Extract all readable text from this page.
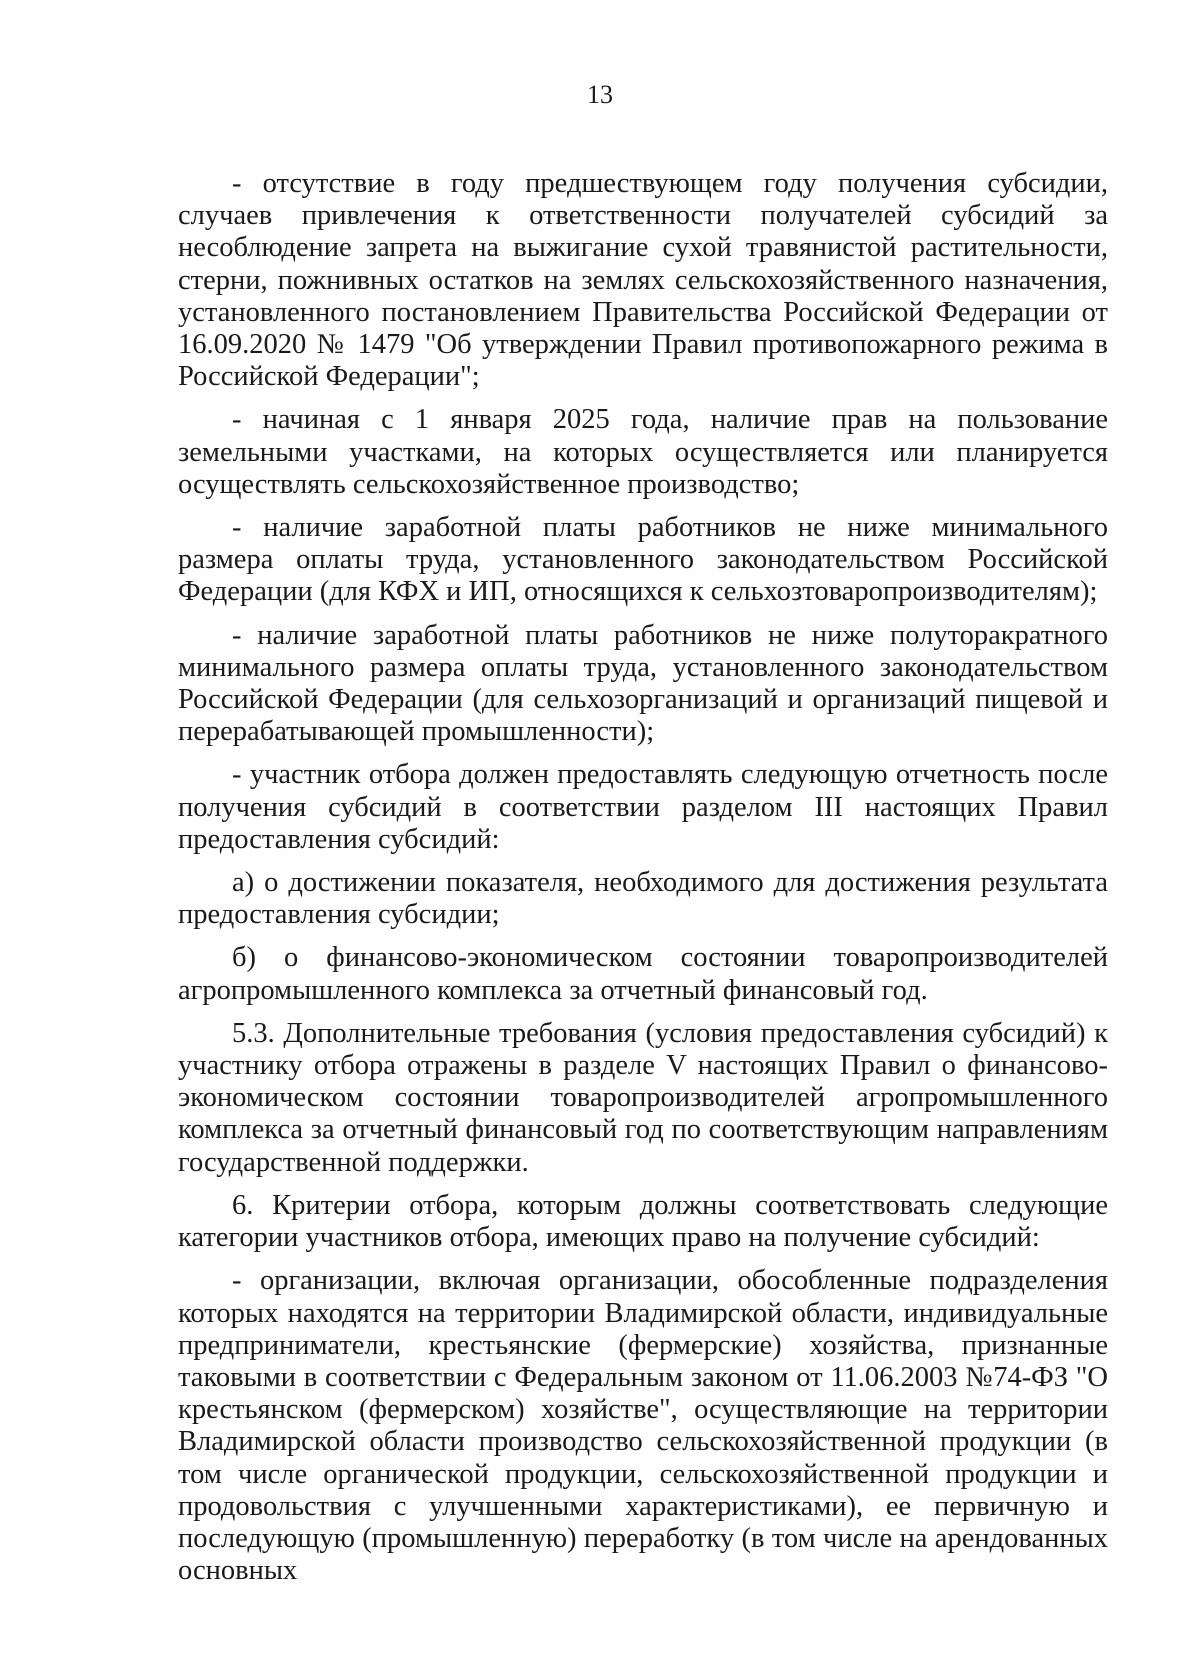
13

- отсутствие в году предшествующем году получения субсидии, случаев привлечения к ответственности получателей субсидий за несоблюдение запрета на выжигание сухой травянистой растительности, стерни, пожнивных остатков на землях сельскохозяйственного назначения, установленного постановлением Правительства Российской Федерации от 16.09.2020 № 1479 "Об утверждении Правил противопожарного режима в Российской Федерации";

- начиная с 1 января 2025 года, наличие прав на пользование земельными участками, на которых осуществляется или планируется осуществлять сельскохозяйственное производство;

- наличие заработной платы работников не ниже минимального размера оплаты труда, установленного законодательством Российской Федерации (для КФХ и ИП, относящихся к сельхозтоваропроизводителям);

- наличие заработной платы работников не ниже полуторакратного минимального размера оплаты труда, установленного законодательством Российской Федерации (для сельхозорганизаций и организаций пищевой и перерабатывающей промышленности);

- участник отбора должен предоставлять следующую отчетность после получения субсидий в соответствии разделом III настоящих Правил предоставления субсидий:

а) о достижении показателя, необходимого для достижения результата предоставления субсидии;

б) о финансово-экономическом состоянии товаропроизводителей агропромышленного комплекса за отчетный финансовый год.

5.3. Дополнительные требования (условия предоставления субсидий) к участнику отбора отражены в разделе V настоящих Правил о финансово-экономическом состоянии товаропроизводителей агропромышленного комплекса за отчетный финансовый год по соответствующим направлениям государственной поддержки.

6. Критерии отбора, которым должны соответствовать следующие категории участников отбора, имеющих право на получение субсидий:

- организации, включая организации, обособленные подразделения которых находятся на территории Владимирской области, индивидуальные предприниматели, крестьянские (фермерские) хозяйства, признанные таковыми в соответствии с Федеральным законом от 11.06.2003 №74-ФЗ "О крестьянском (фермерском) хозяйстве", осуществляющие на территории Владимирской области производство сельскохозяйственной продукции (в том числе органической продукции, сельскохозяйственной продукции и продовольствия с улучшенными характеристиками), ее первичную и последующую (промышленную) переработку (в том числе на арендованных основных
